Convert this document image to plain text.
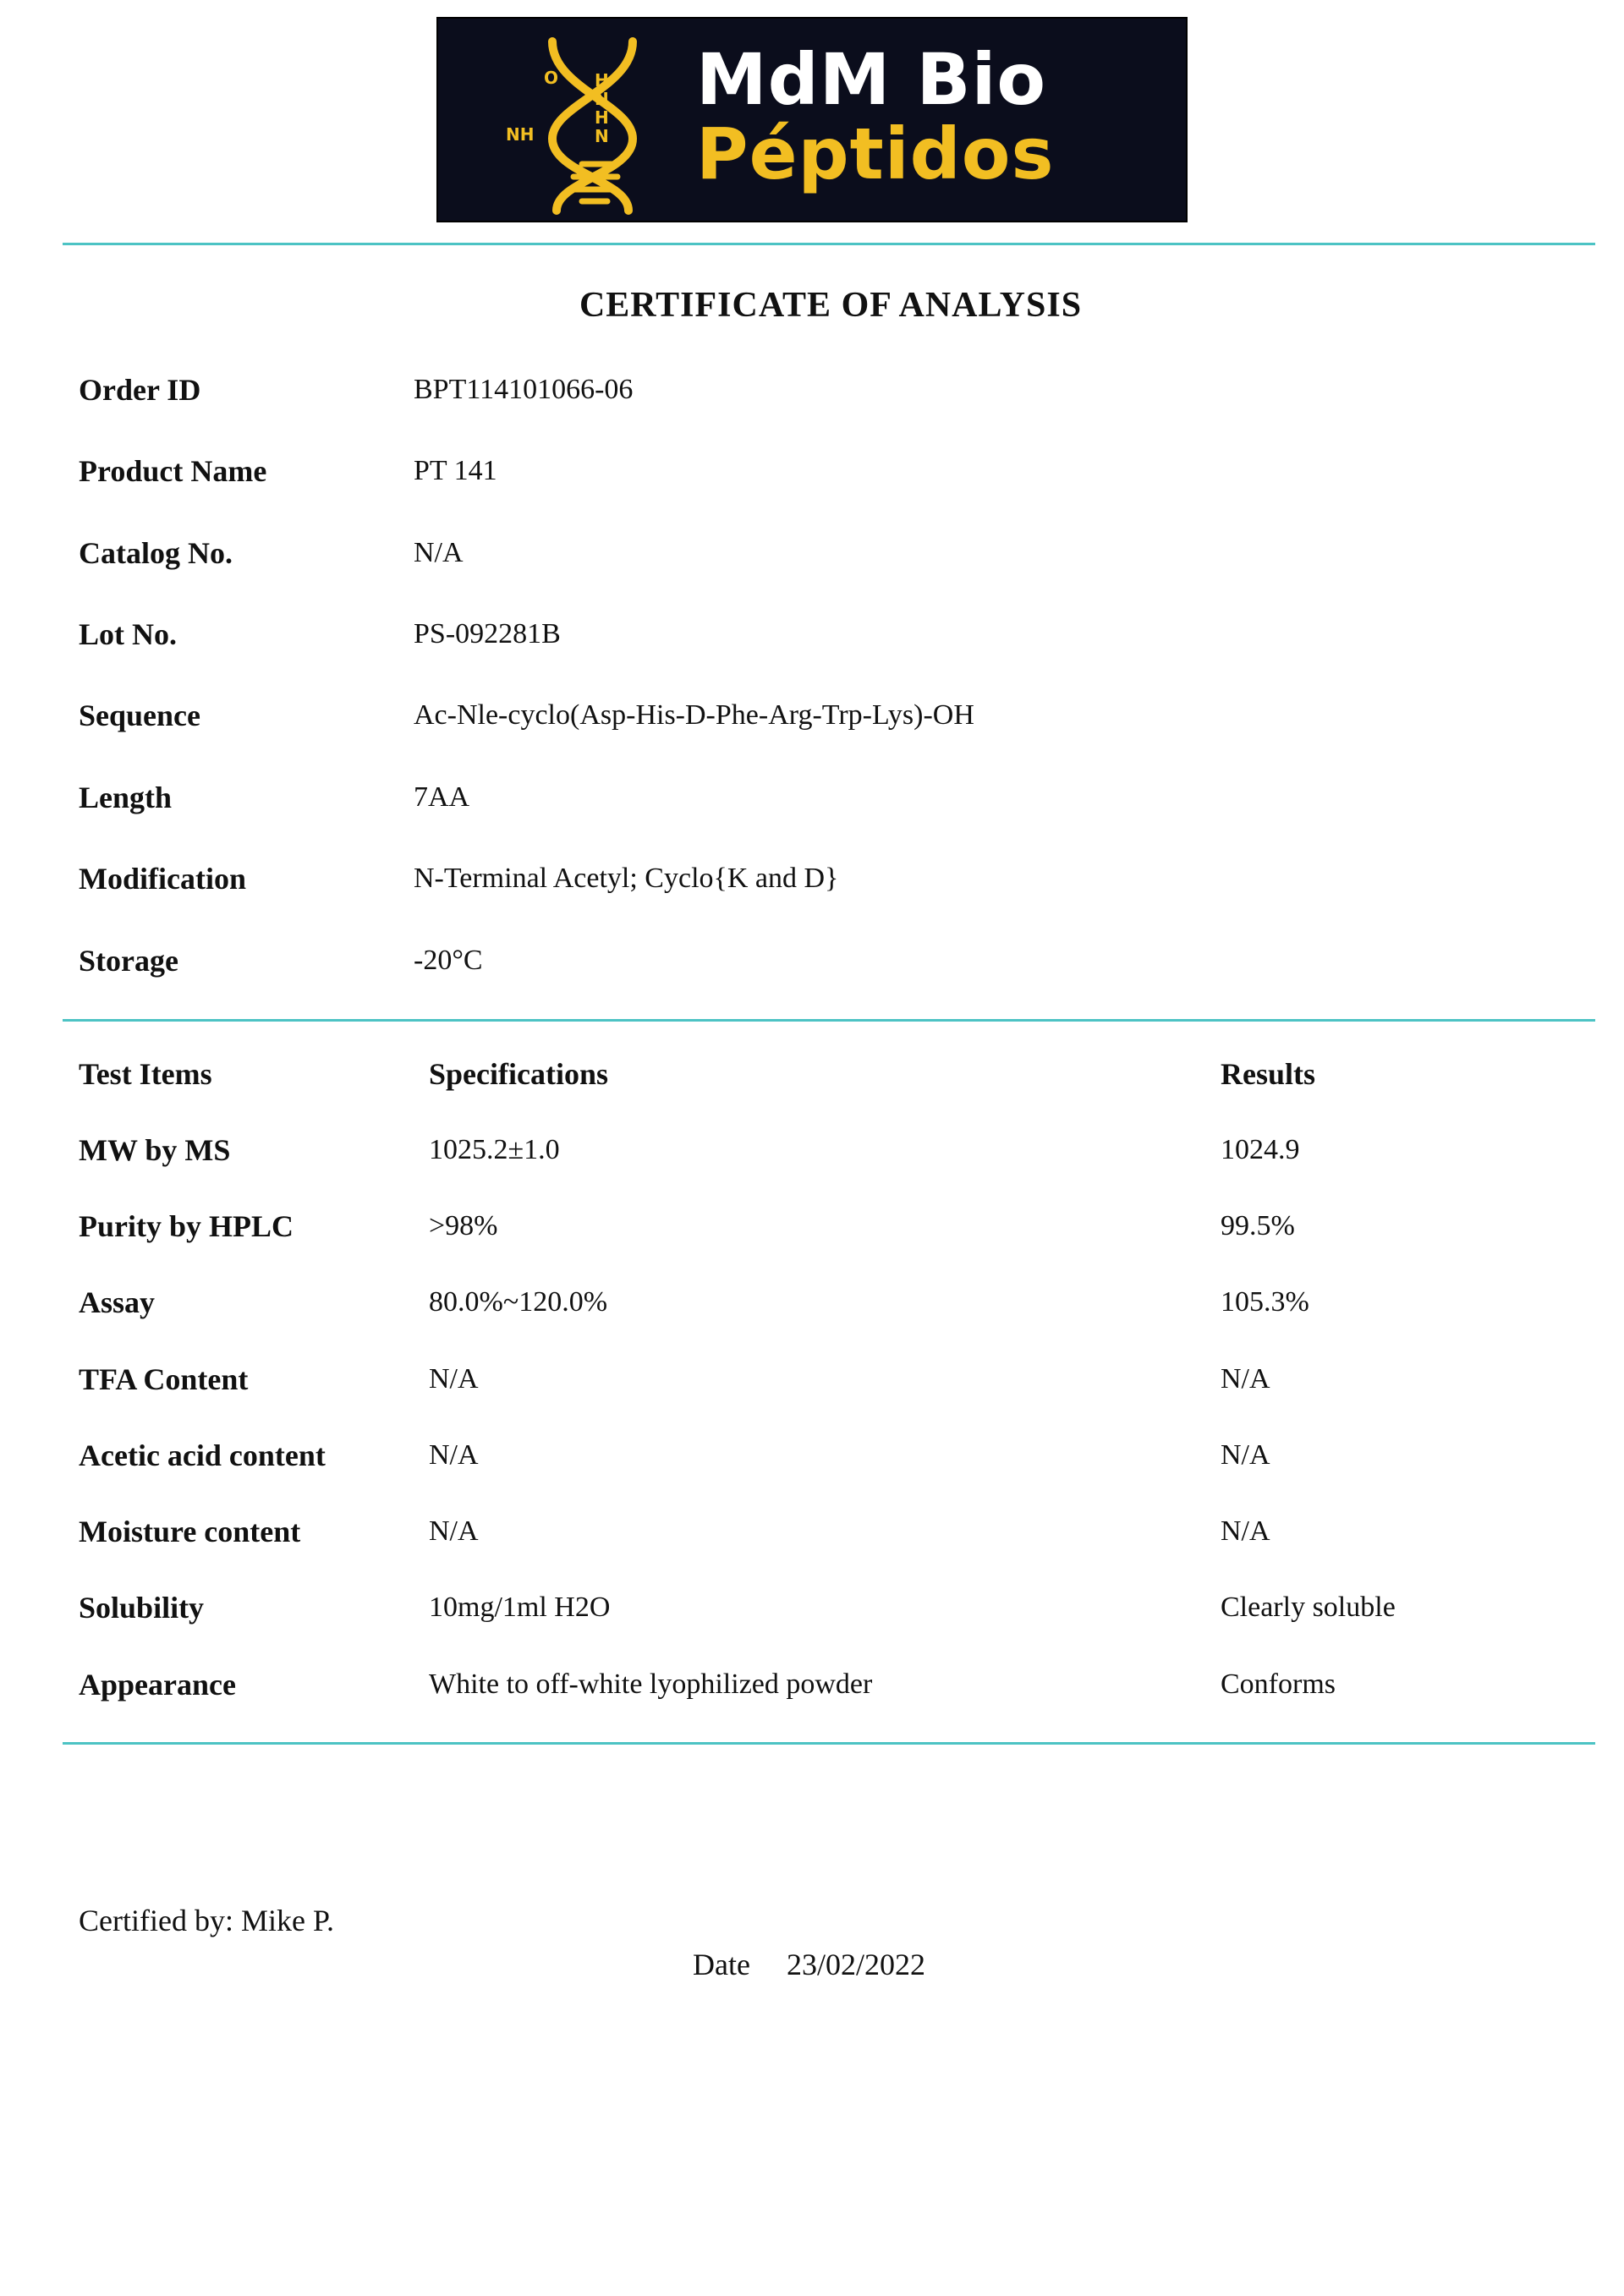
O H
N
H
N
NH
MdM Bio
Péptidos
CERTIFICATE OF ANALYSIS
Order ID	BPT114101066-06
Product Name	PT 141
Catalog No.	N/A
Lot No.	PS-092281B
Sequence	Ac-Nle-cyclo(Asp-His-D-Phe-Arg-Trp-Lys)-OH
Length	7AA
Modification	N-Terminal Acetyl; Cyclo{K and D}
Storage	-20°C
Test Items	Specifications	Results
MW by MS	1025.2±1.0	1024.9
Purity by HPLC	>98%	99.5%
Assay	80.0%~120.0%	105.3%
TFA Content	N/A	N/A
Acetic acid content	N/A	N/A
Moisture content	N/A	N/A
Solubility	10mg/1ml H2O	Clearly soluble
Appearance	White to off-white lyophilized powder	Conforms
Certified by: Mike P.
Date 23/02/2022
